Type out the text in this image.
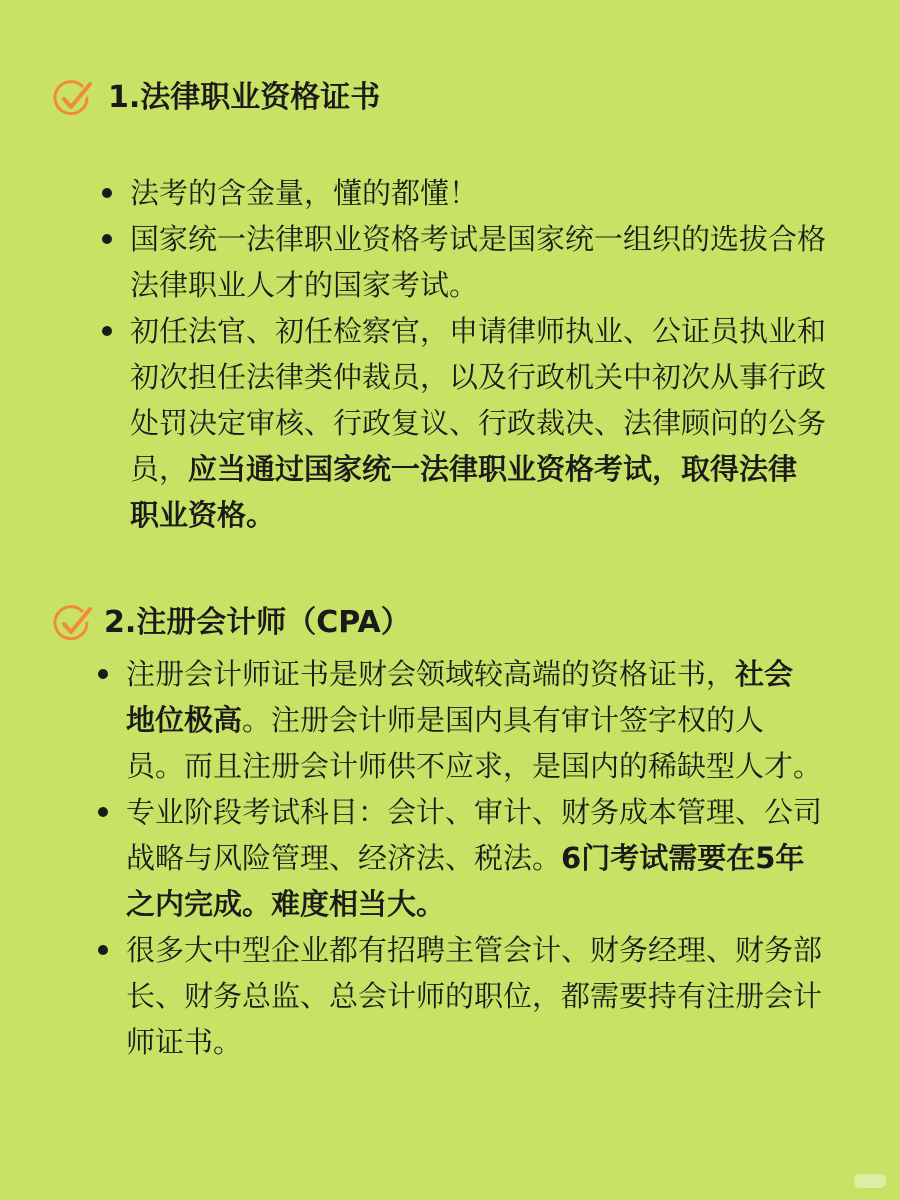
1.法律职业资格证书
法考的含金量，懂的都懂！
国家统一法律职业资格考试是国家统一组织的选拔合格法律职业人才的国家考试。
初任法官、初任检察官，申请律师执业、公证员执业和初次担任法律类仲裁员，以及行政机关中初次从事行政处罚决定审核、行政复议、行政裁决、法律顾问的公务员，应当通过国家统一法律职业资格考试，取得法律职业资格。
2.注册会计师（CPA）
注册会计师证书是财会领域较高端的资格证书，社会地位极高。注册会计师是国内具有审计签字权的人员。而且注册会计师供不应求，是国内的稀缺型人才。
专业阶段考试科目：会计、审计、财务成本管理、公司战略与风险管理、经济法、税法。6门考试需要在5年之内完成。难度相当大。
很多大中型企业都有招聘主管会计、财务经理、财务部长、财务总监、总会计师的职位，都需要持有注册会计师证书。
